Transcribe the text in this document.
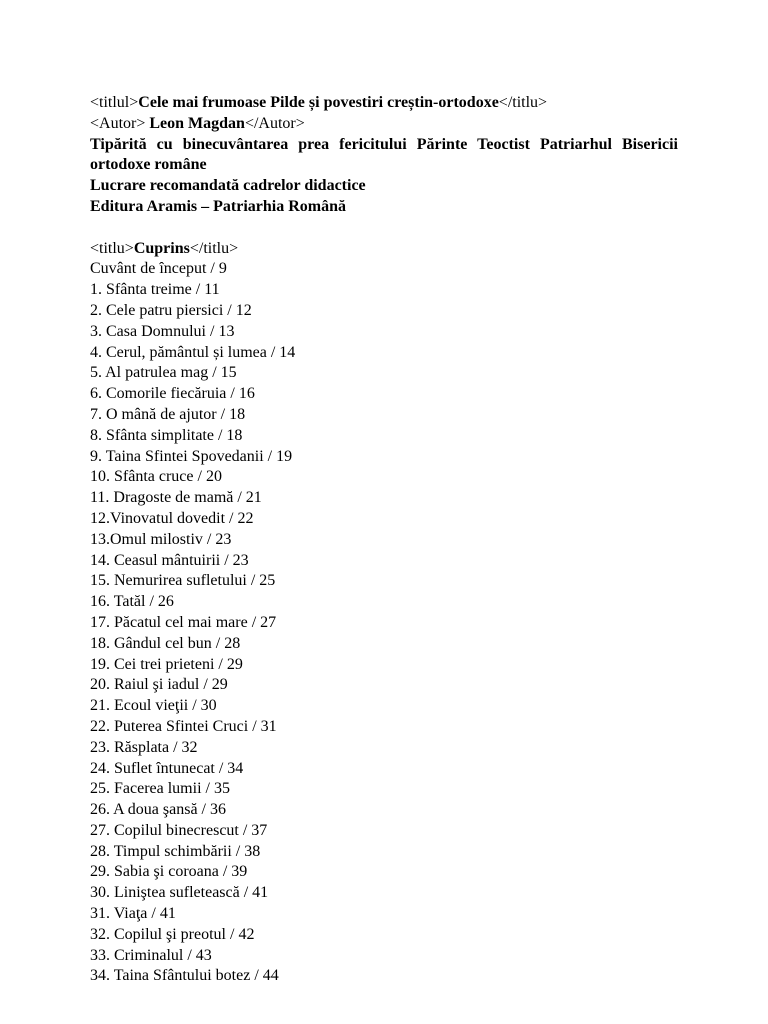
<titlul>Cele mai frumoase Pilde și povestiri creștin-ortodoxe</titlu>
<Autor> Leon Magdan</Autor>
Tipărită cu binecuvântarea prea fericitului Părinte Teoctist Patriarhul Bisericii ortodoxe române
Lucrare recomandată cadrelor didactice
Editura Aramis – Patriarhia Română
<titlu>Cuprins</titlu>
Cuvânt de început / 9
1. Sfânta treime / 11
2. Cele patru piersici / 12
3. Casa Domnului / 13
4. Cerul, pământul și lumea / 14
5. Al patrulea mag / 15
6. Comorile fiecăruia / 16
7. O mână de ajutor / 18
8. Sfânta simplitate / 18
9. Taina Sfintei Spovedanii / 19
10. Sfânta cruce / 20
11. Dragoste de mamă / 21
12.Vinovatul dovedit / 22
13.Omul milostiv / 23
14. Ceasul mântuirii / 23
15. Nemurirea sufletului / 25
16. Tatăl / 26
17. Păcatul cel mai mare / 27
18. Gândul cel bun / 28
19. Cei trei prieteni / 29
20. Raiul şi iadul / 29
21. Ecoul vieţii / 30
22. Puterea Sfintei Cruci / 31
23. Răsplata / 32
24. Suflet întunecat / 34
25. Facerea lumii / 35
26. A doua şansă / 36
27. Copilul binecrescut / 37
28. Timpul schimbării / 38
29. Sabia şi coroana / 39
30. Liniştea sufletească / 41
31. Viaţa / 41
32. Copilul şi preotul / 42
33. Criminalul / 43
34. Taina Sfântului botez / 44
